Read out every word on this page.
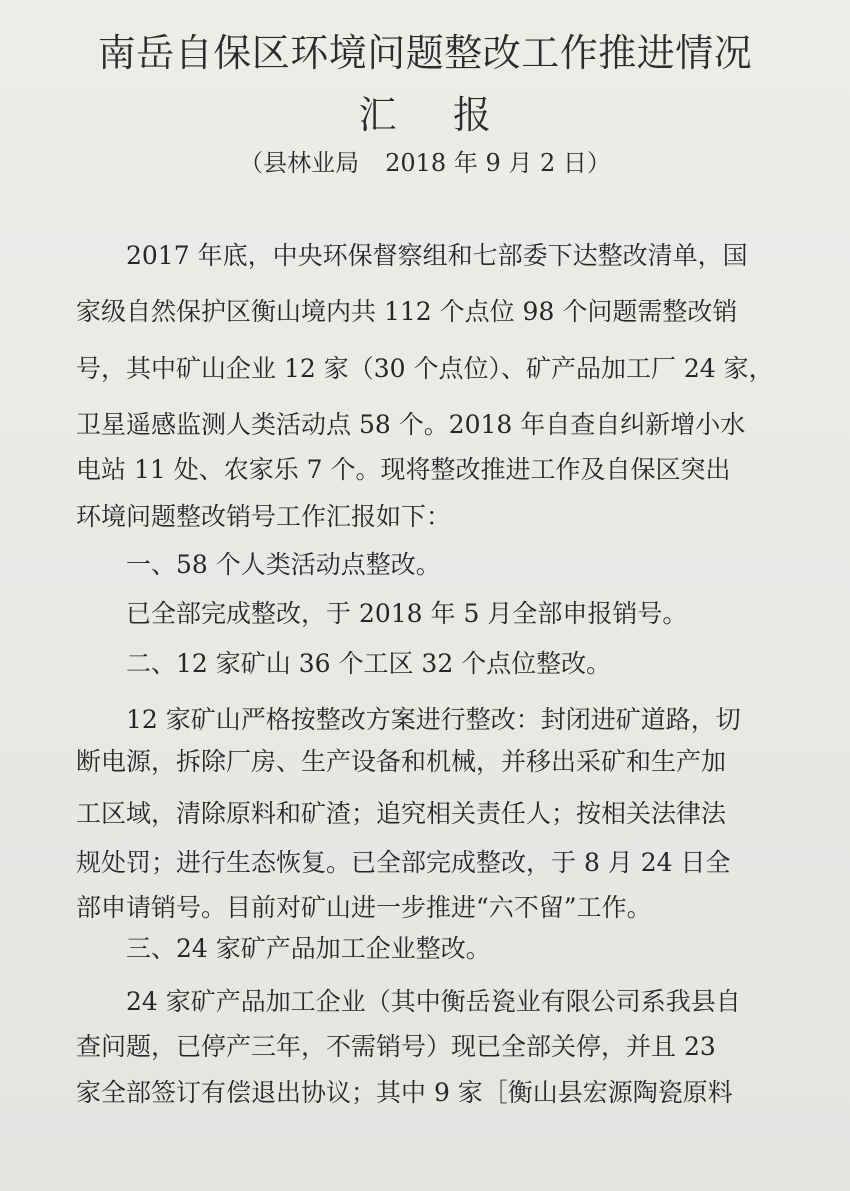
南岳自保区环境问题整改工作推进情况
汇 报
（县林业局 2018 年 9 月 2 日）
2017 年底，中央环保督察组和七部委下达整改清单，国
家级自然保护区衡山境内共 112 个点位 98 个问题需整改销
号，其中矿山企业 12 家（30 个点位）、矿产品加工厂 24 家，
卫星遥感监测人类活动点 58 个。2018 年自查自纠新增小水
电站 11 处、农家乐 7 个。现将整改推进工作及自保区突出
环境问题整改销号工作汇报如下：
一、58 个人类活动点整改。
已全部完成整改，于 2018 年 5 月全部申报销号。
二、12 家矿山 36 个工区 32 个点位整改。
12 家矿山严格按整改方案进行整改：封闭进矿道路，切
断电源，拆除厂房、生产设备和机械，并移出采矿和生产加
工区域，清除原料和矿渣；追究相关责任人；按相关法律法
规处罚；进行生态恢复。已全部完成整改，于 8 月 24 日全
部申请销号。目前对矿山进一步推进“六不留”工作。
三、24 家矿产品加工企业整改。
24 家矿产品加工企业（其中衡岳瓷业有限公司系我县自
查问题，已停产三年，不需销号）现已全部关停，并且 23
家全部签订有偿退出协议；其中 9 家［衡山县宏源陶瓷原料
